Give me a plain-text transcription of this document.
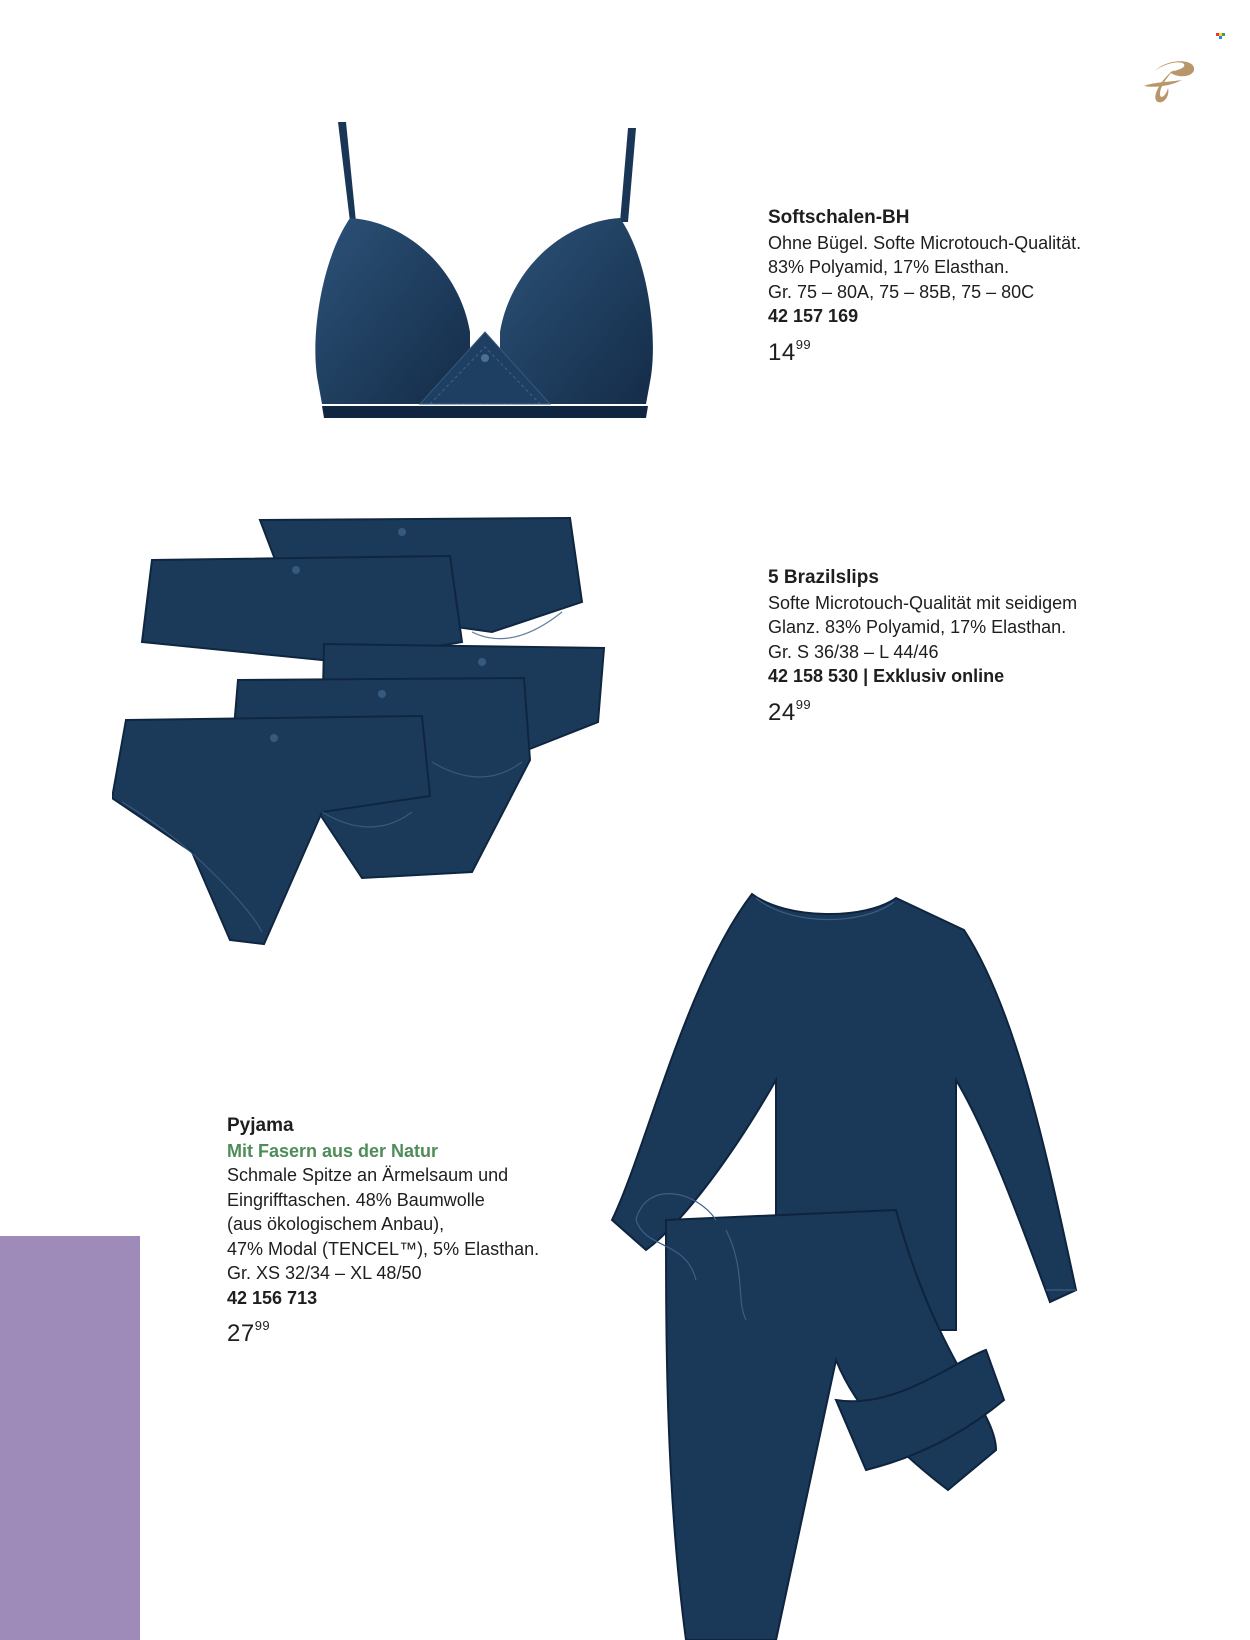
Softschalen-BH
Ohne Bügel. Softe Microtouch-Qualität.
83% Polyamid, 17% Elasthan.
Gr. 75 – 80A, 75 – 85B, 75 – 80C
42 157 169
$14^{99}$
5 Brazilslips
Softe Microtouch-Qualität mit seidigem
Glanz. 83% Polyamid, 17% Elasthan.
Gr. S 36/38 – L 44/46
42 158 530 | Exklusiv online
$24^{99}$
Pyjama
Mit Fasern aus der Natur
Schmale Spitze an Ärmelsaum und
Eingrifftaschen. 48% Baumwolle
(aus ökologischem Anbau),
47% Modal (TENCEL™), 5% Elasthan.
Gr. XS 32/34 – XL 48/50
42 156 713
$27^{99}$
